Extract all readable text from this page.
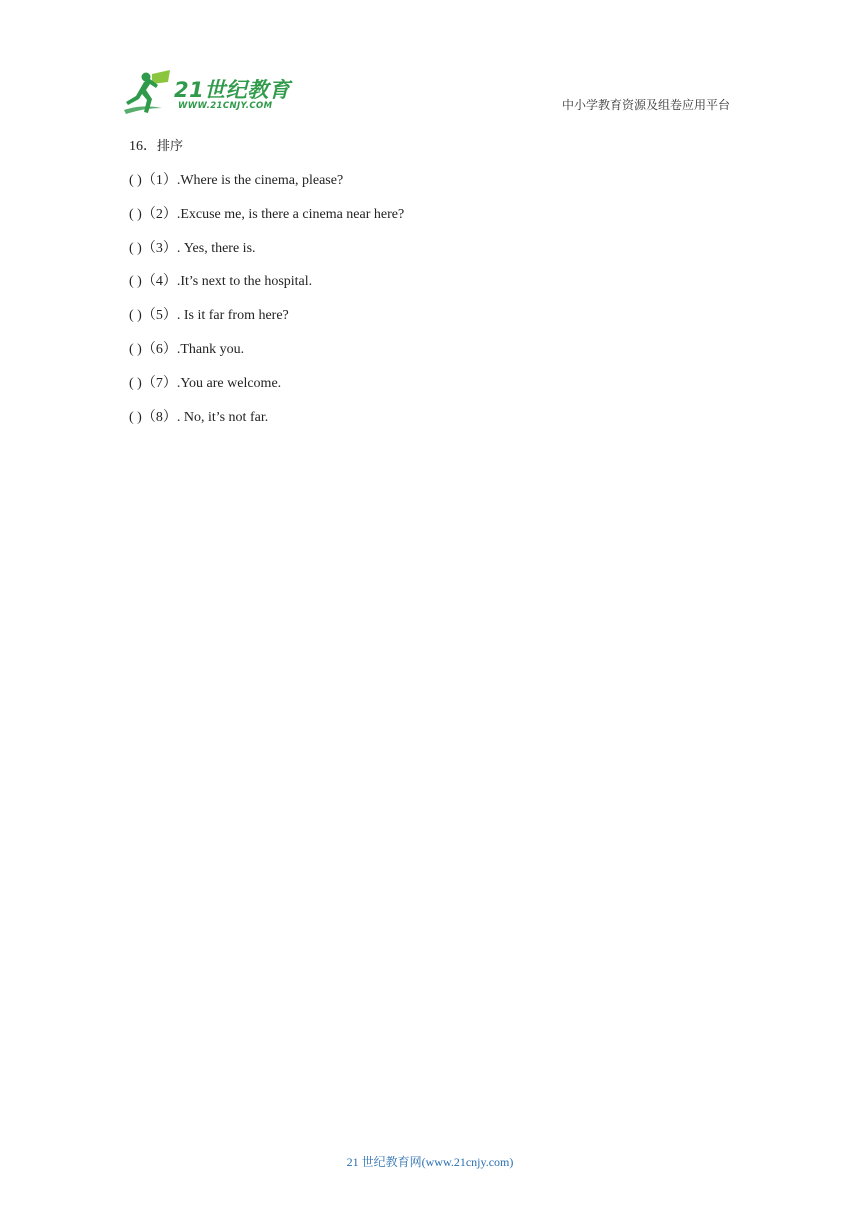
21世纪教育
WWW.21CNJY.COM	中小学教育资源及组卷应用平台
16．排序
( )（1）.Where is the cinema, please?
( )（2）.Excuse me, is there a cinema near here?
( )（3）. Yes, there is.
( )（4）.It’s next to the hospital.
( )（5）. Is it far from here?
( )（6）.Thank you.
( )（7）.You are welcome.
( )（8）. No, it’s not far.
21 世纪教育网(www.21cnjy.com)
